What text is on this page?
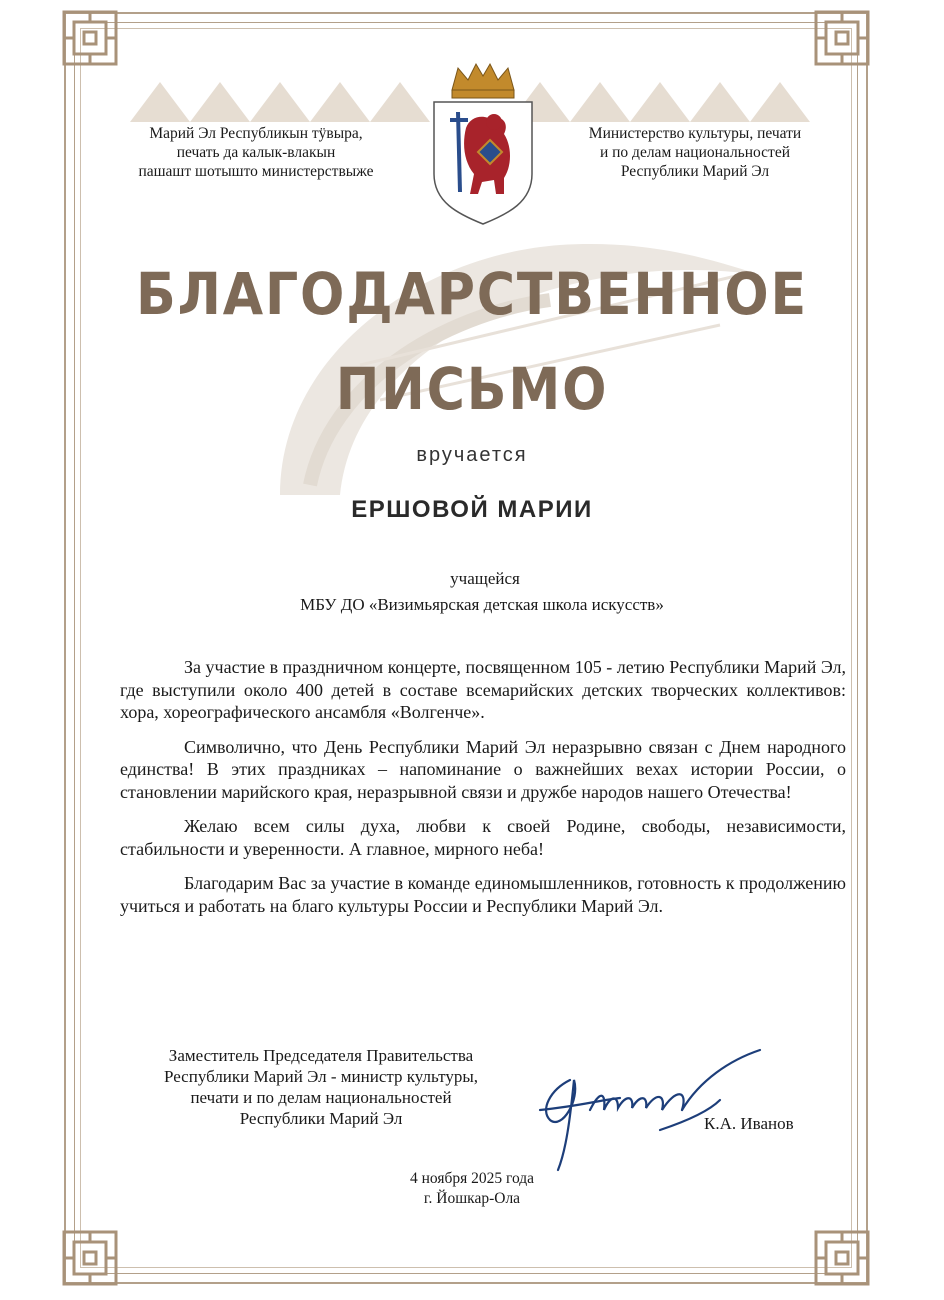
Марий Эл Республикын тӱвыра,
печать да калык-влакын
пашашт шотышто министерствыже
Министерство культуры, печати
и по делам национальностей
Республики Марий Эл
БЛАГОДАРСТВЕННОЕ
ПИСЬМО
вручается
ЕРШОВОЙ МАРИИ
учащейся
МБУ ДО «Визимьярская детская школа искусств»

За участие в праздничном концерте, посвященном 105 - летию Республики Марий Эл, где выступили около 400 детей в составе всемарийских детских творческих коллективов: хора, хореографического ансамбля «Волгенче».

Символично, что День Республики Марий Эл неразрывно связан с Днем народного единства! В этих праздниках – напоминание о важнейших вехах истории России, о становлении марийского края, неразрывной связи и дружбе народов нашего Отечества!

Желаю всем силы духа, любви к своей Родине, свободы, независимости, стабильности и уверенности. А главное, мирного неба!

Благодарим Вас за участие в команде единомышленников, готовность к продолжению учиться и работать на благо культуры России и Республики Марий Эл.

Заместитель Председателя Правительства
Республики Марий Эл - министр культуры,
печати и по делам национальностей
Республики Марий Эл	К.А. Иванов
4 ноября 2025 года
г. Йошкар-Ола
